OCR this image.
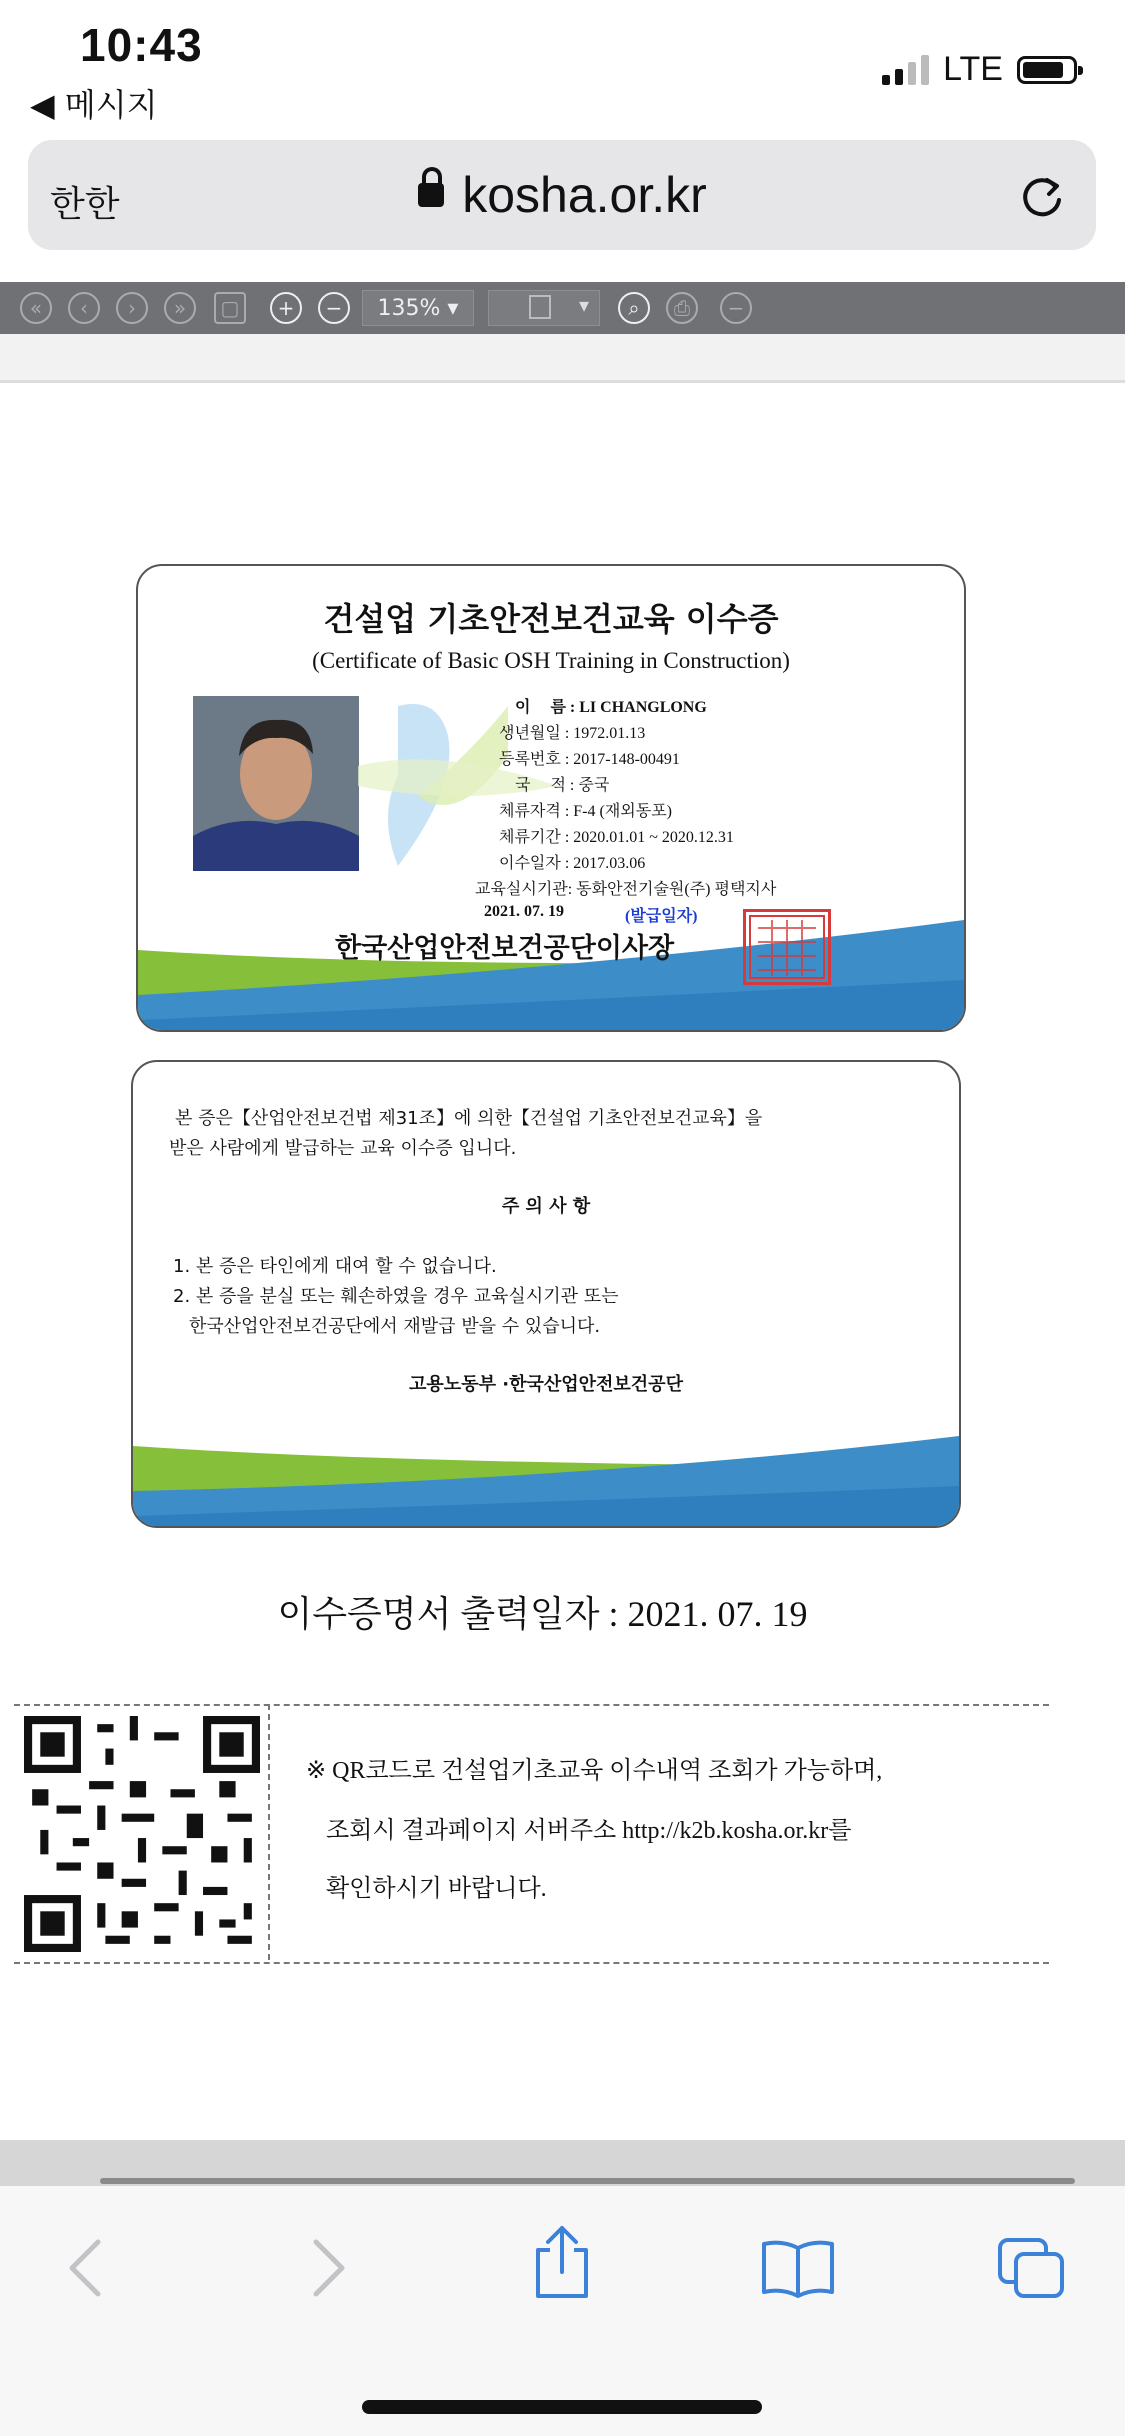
10:43
◀ 메시지
LTE
한한	kosha.or.kr
«	‹	›	»	▢	+	−	135% ▾	▾	⌕	⎙	−
건설업 기초안전보건교육 이수증
(Certificate of Basic OSH Training in Construction)
이　 름 : LI CHANGLONG
생년월일 : 1972.01.13
등록번호 : 2017-148-00491
국　 적 : 중국
체류자격 : F-4 (재외동포)
체류기간 : 2020.01.01 ~ 2020.12.31
이수일자 : 2017.03.06
교육실시기관: 동화안전기술원(주) 평택지사
2021. 07. 19	(발급일자)
한국산업안전보건공단이사장
본 증은【산업안전보건법 제31조】에 의한【건설업 기초안전보건교육】을
받은 사람에게 발급하는 교육 이수증 입니다.
주 의 사 항
1. 본 증은 타인에게 대여 할 수 없습니다.
2. 본 증을 분실 또는 훼손하였을 경우 교육실시기관 또는
한국산업안전보건공단에서 재발급 받을 수 있습니다.
고용노동부 ·한국산업안전보건공단
이수증명서 출력일자 : 2021. 07. 19
※ QR코드로 건설업기초교육 이수내역 조회가 가능하며,
조회시 결과페이지 서버주소 http://k2b.kosha.or.kr를
확인하시기 바랍니다.
